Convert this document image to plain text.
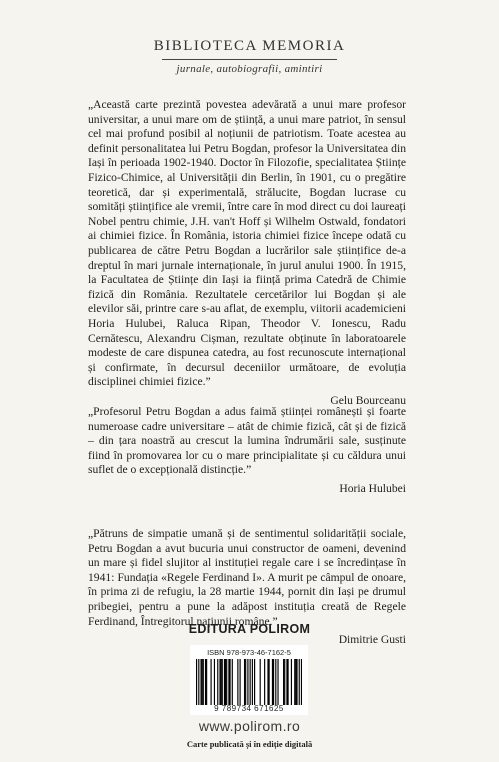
BIBLIOTECA MEMORIA
jurnale, autobiografii, amintiri

„Această carte prezintă povestea adevărată a unui mare profesor universitar, a unui mare om de știință, a unui mare patriot, în sensul cel mai profund posibil al noțiunii de patriotism. Toate acestea au definit personalitatea lui Petru Bogdan, profesor la Universitatea din Iași în perioada 1902-1940. Doctor în Filozofie, specialitatea Științe Fizico-Chimice, al Universității din Berlin, în 1901, cu o pregătire teoretică, dar și experimentală, strălucite, Bogdan lucrase cu somități științifice ale vremii, între care în mod direct cu doi laureați Nobel pentru chimie, J.H. van't Hoff și Wilhelm Ostwald, fondatori ai chimiei fizice. În România, istoria chimiei fizice începe odată cu publicarea de către Petru Bogdan a lucrărilor sale științifice de-a dreptul în mari jurnale internaționale, în jurul anului 1900. În 1915, la Facultatea de Științe din Iași ia ființă prima Catedră de Chimie fizică din România. Rezultatele cercetărilor lui Bogdan și ale elevilor săi, printre care s-au aflat, de exemplu, viitorii academicieni Horia Hulubei, Raluca Ripan, Theodor V. Ionescu, Radu Cernătescu, Alexandru Cișman, rezultate obținute în laboratoarele modeste de care dispunea catedra, au fost recunoscute internațional și confirmate, în decursul deceniilor următoare, de evoluția disciplinei chimiei fizice.”

Gelu Bourceanu

„Profesorul Petru Bogdan a adus faimă științei românești și foarte numeroase cadre universitare – atât de chimie fizică, cât și de fizică – din țara noastră au crescut la lumina îndrumării sale, susținute fiind în promovarea lor cu o mare principialitate și cu căldura unui suflet de o excepțională distincție.”

Horia Hulubei

„Pătruns de simpatie umană și de sentimentul solidarității sociale, Petru Bogdan a avut bucuria unui constructor de oameni, devenind un mare și fidel slujitor al instituției regale care i se încredințase în 1941: Fundația «Regele Ferdinand I». A murit pe câmpul de onoare, în prima zi de refugiu, la 28 martie 1944, pornit din Iași pe drumul pribegiei, pentru a pune la adăpost instituția creată de Regele Ferdinand, Întregitorul națiunii române.”

Dimitrie Gusti
EDITURA POLIROM
ISBN 978-973-46-7162-5
9 789734 671625
www.polirom.ro
Carte publicată și în ediție digitală
